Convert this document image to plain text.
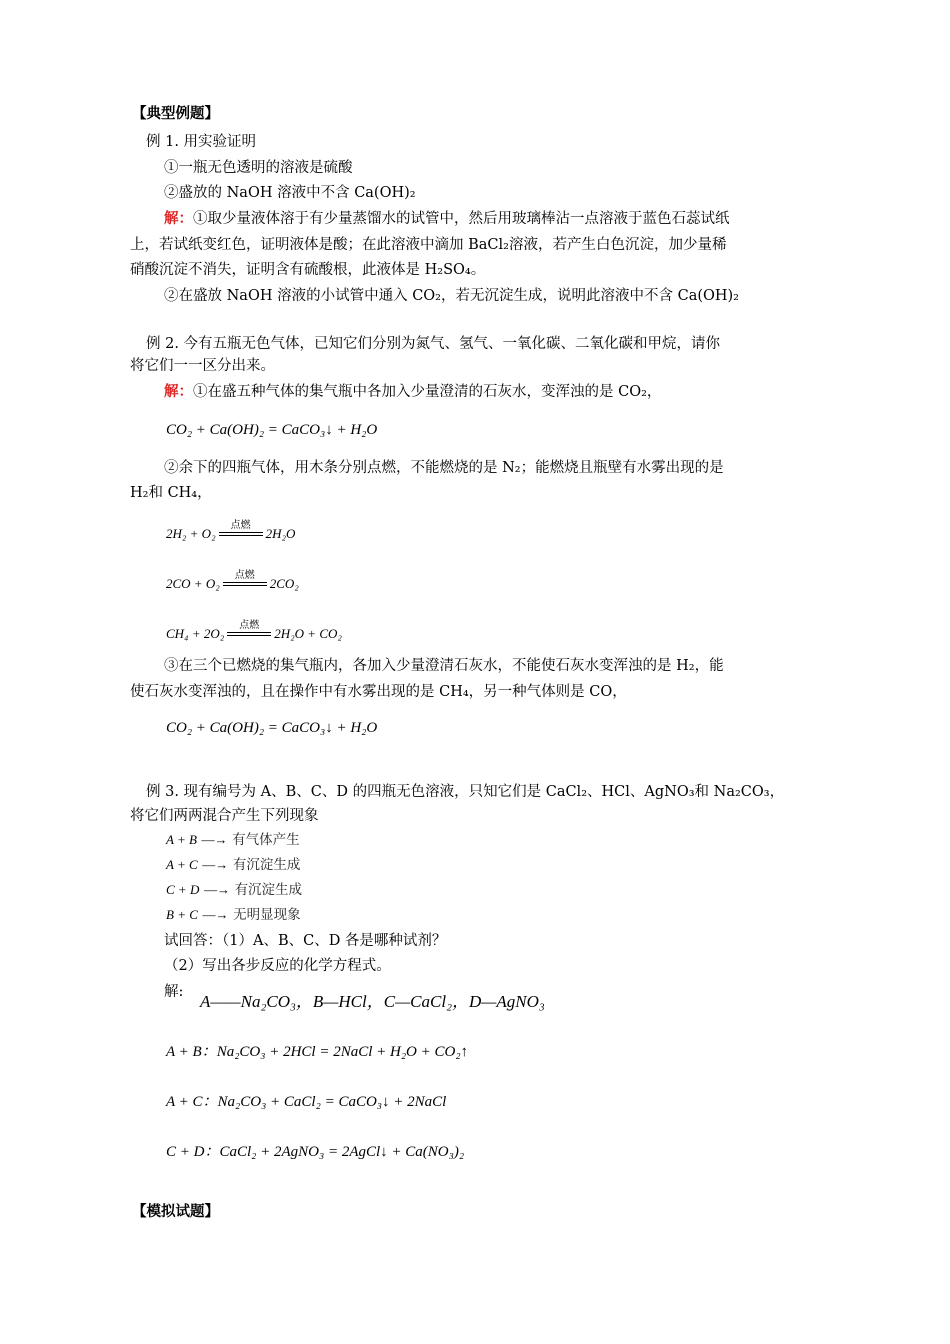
【典型例题】
例 1. 用实验证明
①一瓶无色透明的溶液是硫酸
②盛放的 NaOH 溶液中不含 Ca(OH)₂
解：①取少量液体溶于有少量蒸馏水的试管中，然后用玻璃棒沾一点溶液于蓝色石蕊试纸
上，若试纸变红色，证明液体是酸；在此溶液中滴加 BaCl₂溶液，若产生白色沉淀，加少量稀
硝酸沉淀不消失，证明含有硫酸根，此液体是 H₂SO₄。
②在盛放 NaOH 溶液的小试管中通入 CO₂，若无沉淀生成，说明此溶液中不含 Ca(OH)₂
例 2. 今有五瓶无色气体，已知它们分别为氮气、氢气、一氧化碳、二氧化碳和甲烷，请你
将它们一一区分出来。
解：①在盛五种气体的集气瓶中各加入少量澄清的石灰水，变浑浊的是 CO₂，
CO₂ + Ca(OH)₂ = CaCO₃↓ + H₂O
②余下的四瓶气体，用木条分别点燃，不能燃烧的是 N₂；能燃烧且瓶壁有水雾出现的是
H₂和 CH₄，
2H₂ + O₂
点燃
2H₂O
2CO + O₂
点燃
2CO₂
CH₄ + 2O₂
点燃
2H₂O + CO₂
③在三个已燃烧的集气瓶内，各加入少量澄清石灰水，不能使石灰水变浑浊的是 H₂，能
使石灰水变浑浊的，且在操作中有水雾出现的是 CH₄，另一种气体则是 CO，
CO₂ + Ca(OH)₂ = CaCO₃↓ + H₂O
例 3. 现有编号为 A、B、C、D 的四瓶无色溶液，只知它们是 CaCl₂、HCl、AgNO₃和 Na₂CO₃，
将它们两两混合产生下列现象
A + B —→ 有气体产生
A + C —→ 有沉淀生成
C + D —→ 有沉淀生成
B + C —→ 无明显现象
试回答：（1）A、B、C、D 各是哪种试剂？
（2）写出各步反应的化学方程式。
解: A——Na₂CO₃，B—HCl，C—CaCl₂，D—AgNO₃
A + B：Na₂CO₃ + 2HCl = 2NaCl + H₂O + CO₂↑
A + C：Na₂CO₃ + CaCl₂ = CaCO₃↓ + 2NaCl
C + D：CaCl₂ + 2AgNO₃ = 2AgCl↓ + Ca(NO₃)₂
【模拟试题】
